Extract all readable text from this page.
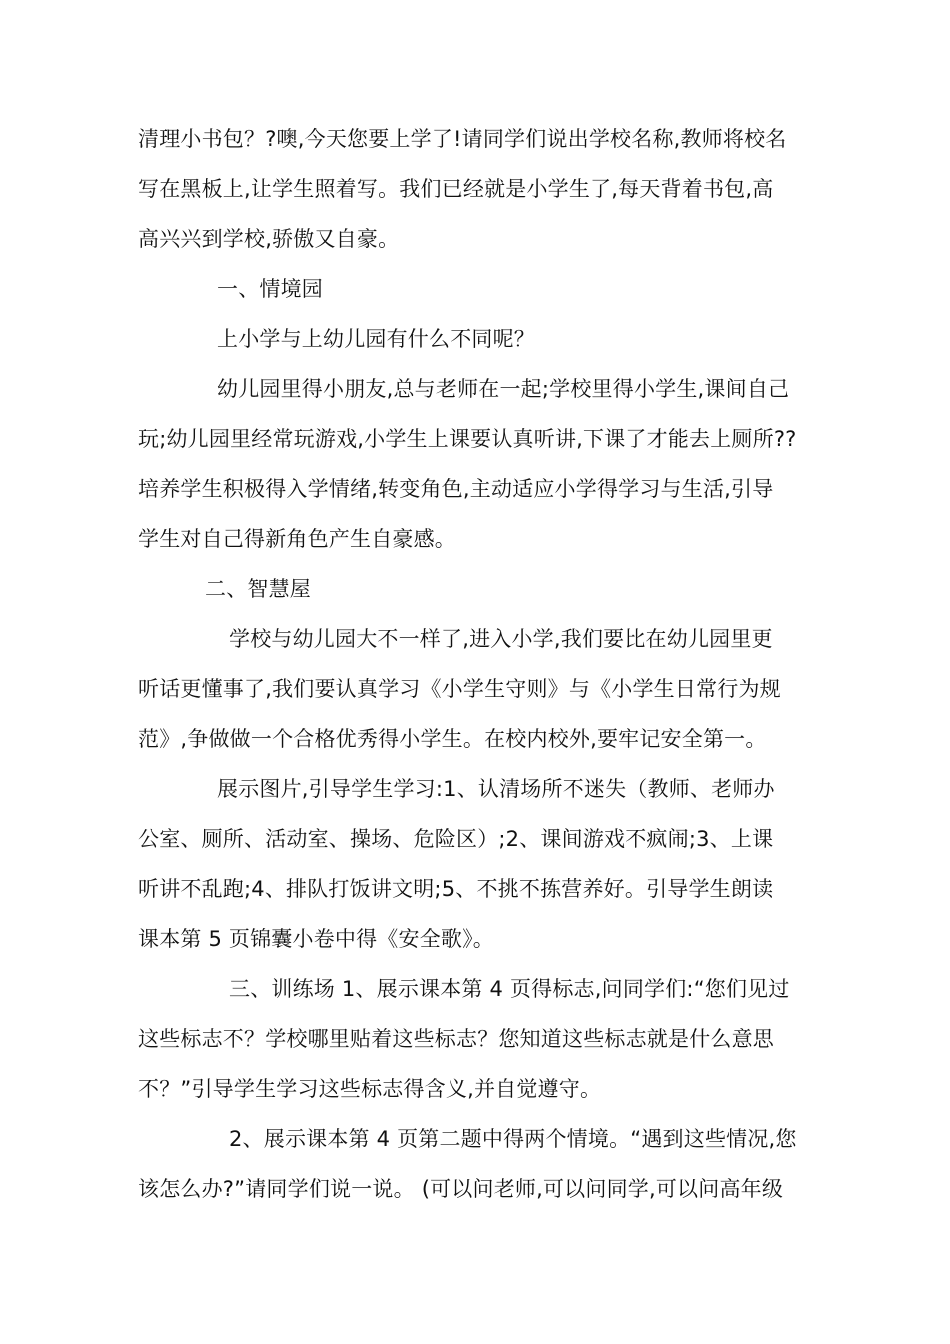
清理小书包？?噢,今天您要上学了!请同学们说出学校名称,教师将校名
写在黑板上,让学生照着写。我们已经就是小学生了,每天背着书包,高
高兴兴到学校,骄傲又自豪。
一、情境园
上小学与上幼儿园有什么不同呢？
幼儿园里得小朋友,总与老师在一起;学校里得小学生,课间自己
玩;幼儿园里经常玩游戏,小学生上课要认真听讲,下课了才能去上厕所??
培养学生积极得入学情绪,转变角色,主动适应小学得学习与生活,引导
学生对自己得新角色产生自豪感。
二、智慧屋
学校与幼儿园大不一样了,进入小学,我们要比在幼儿园里更
听话更懂事了,我们要认真学习《小学生守则》与《小学生日常行为规
范》,争做做一个合格优秀得小学生。在校内校外,要牢记安全第一。
展示图片,引导学生学习:1、认清场所不迷失（教师、老师办
公室、厕所、活动室、操场、危险区）;2、课间游戏不疯闹;3、上课
听讲不乱跑;4、排队打饭讲文明;5、不挑不拣营养好。引导学生朗读
课本第 5 页锦囊小卷中得《安全歌》。
三、训练场 1、展示课本第 4 页得标志,问同学们:“您们见过
这些标志不？学校哪里贴着这些标志？您知道这些标志就是什么意思
不？”引导学生学习这些标志得含义,并自觉遵守。
2、展示课本第 4 页第二题中得两个情境。“遇到这些情况,您
该怎么办?”请同学们说一说。 (可以问老师,可以问同学,可以问高年级
